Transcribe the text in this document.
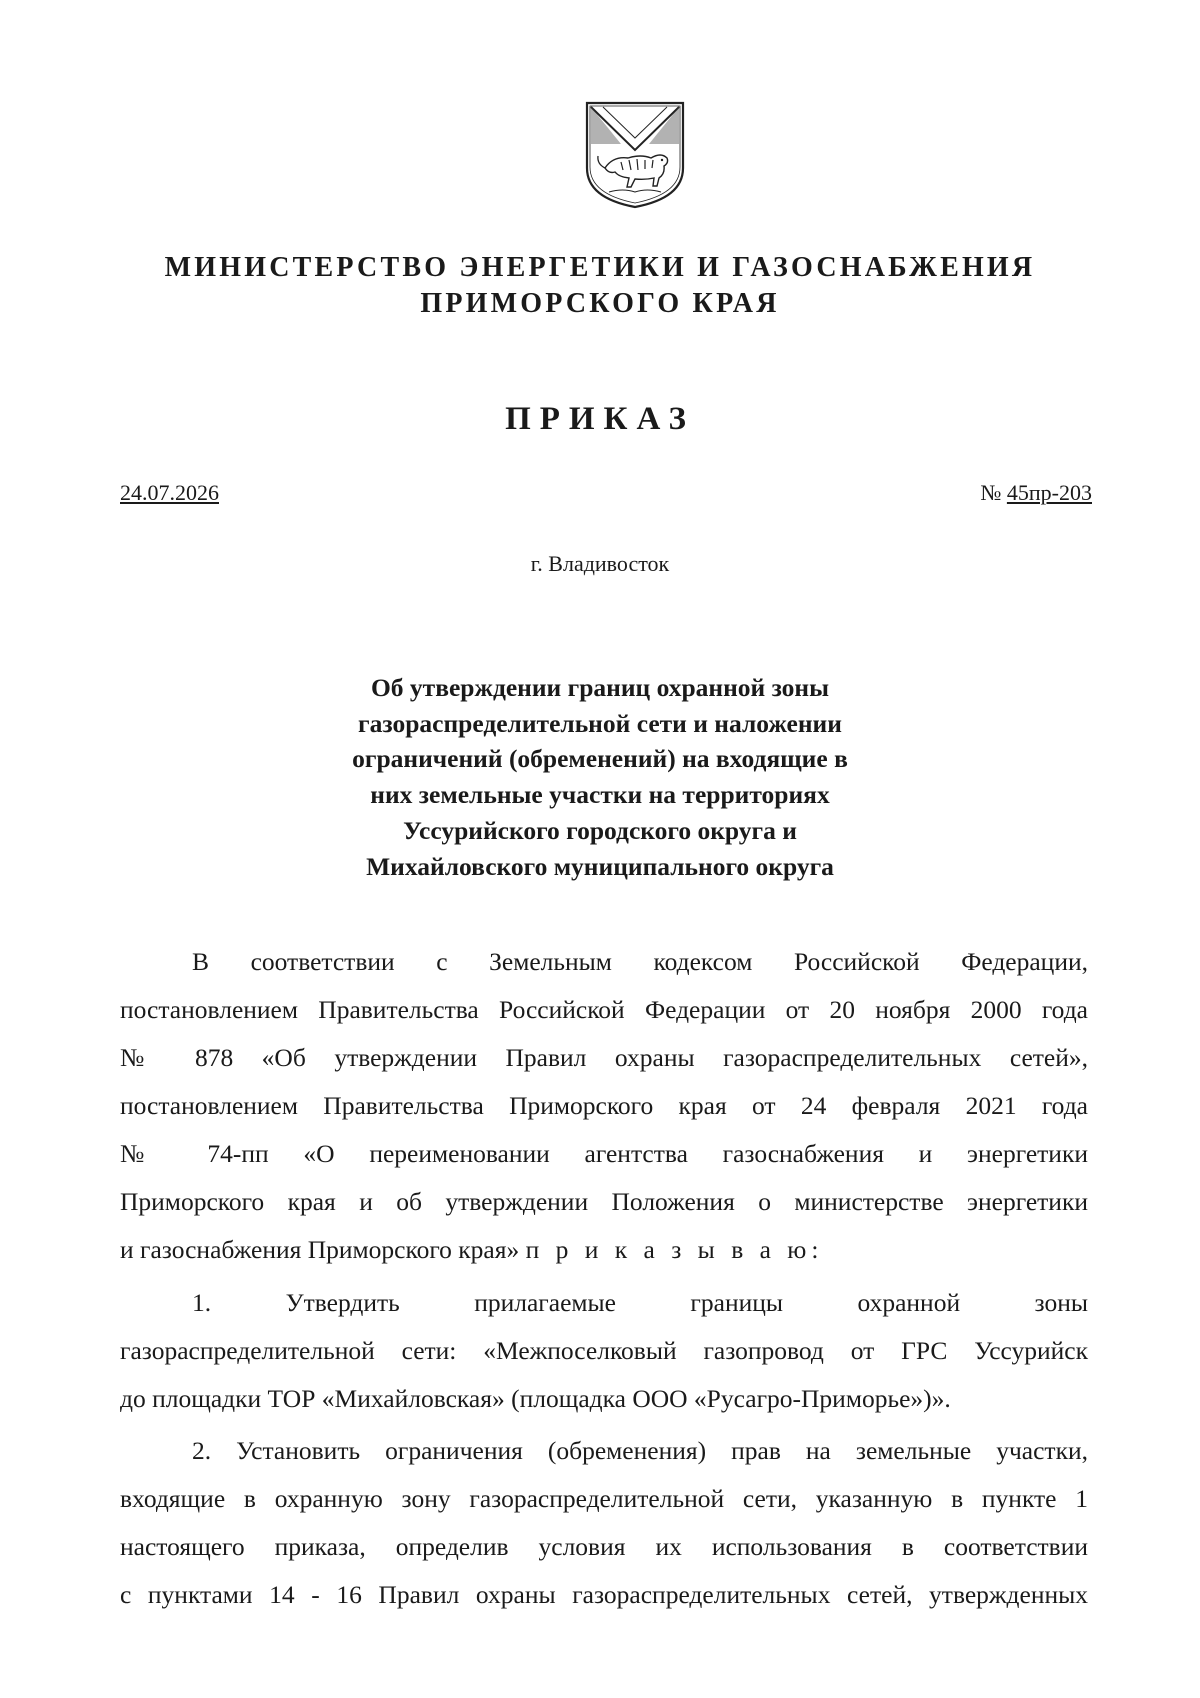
МИНИСТЕРСТВО ЭНЕРГЕТИКИ И ГАЗОСНАБЖЕНИЯ
ПРИМОРСКОГО КРАЯ
ПРИКАЗ
24.07.2026	№ 45пр-203
г. Владивосток
Об утверждении границ охранной зоны
газораспределительной сети и наложении
ограничений (обременений) на входящие в
них земельные участки на территориях
Уссурийского городского округа и
Михайловского муниципального округа
В соответствии с Земельным кодексом Российской Федерации,
постановлением Правительства Российской Федерации от 20 ноября 2000 года
№ 878 «Об утверждении Правил охраны газораспределительных сетей»,
постановлением Правительства Приморского края от 24 февраля 2021 года
№ 74-пп «О переименовании агентства газоснабжения и энергетики
Приморского края и об утверждении Положения о министерстве энергетики
и газоснабжения Приморского края» п р и к а з ы в а ю:
1. Утвердить прилагаемые границы охранной зоны
газораспределительной сети: «Межпоселковый газопровод от ГРС Уссурийск
до площадки ТОР «Михайловская» (площадка ООО «Русагро-Приморье»)».
2. Установить ограничения (обременения) прав на земельные участки,
входящие в охранную зону газораспределительной сети, указанную в пункте 1
настоящего приказа, определив условия их использования в соответствии
с пунктами 14 - 16 Правил охраны газораспределительных сетей, утвержденных
